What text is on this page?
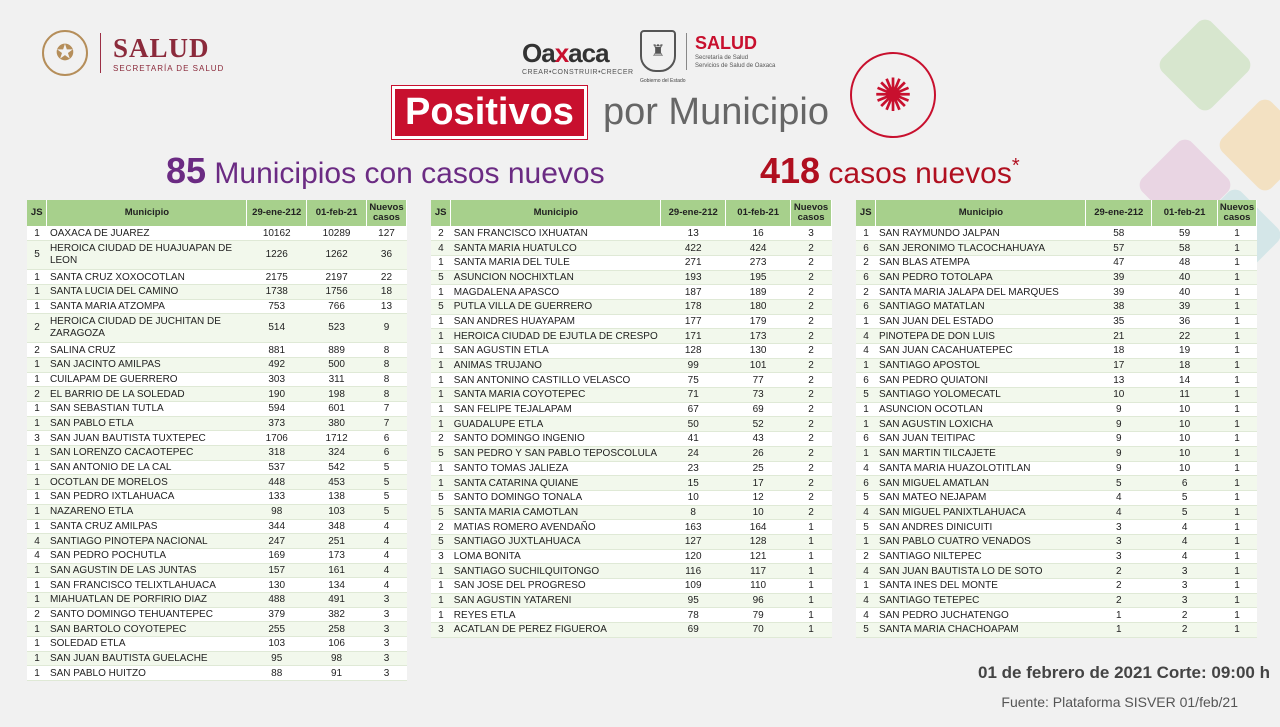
✪	SALUD
SECRETARÍA DE SALUD
Oaxaca
CREAR•CONSTRUIR•CRECER
♜	SALUD
Secretaría de Salud
Servicios de Salud de Oaxaca
Gobierno del Estado
Positivos por Municipio ✺
85 Municipios con casos nuevos	418 casos nuevos*
JS	Municipio	29-ene-212	01-feb-21	Nuevos
casos
1	OAXACA DE JUAREZ	10162	10289	127
5	HEROICA CIUDAD DE HUAJUAPAN DE LEON	1226	1262	36
1	SANTA CRUZ XOXOCOTLAN	2175	2197	22
1	SANTA LUCIA DEL CAMINO	1738	1756	18
1	SANTA MARIA ATZOMPA	753	766	13
2	HEROICA CIUDAD DE JUCHITAN DE ZARAGOZA	514	523	9
2	SALINA CRUZ	881	889	8
1	SAN JACINTO AMILPAS	492	500	8
1	CUILAPAM DE GUERRERO	303	311	8
2	EL BARRIO DE LA SOLEDAD	190	198	8
1	SAN SEBASTIAN TUTLA	594	601	7
1	SAN PABLO ETLA	373	380	7
3	SAN JUAN BAUTISTA TUXTEPEC	1706	1712	6
1	SAN LORENZO CACAOTEPEC	318	324	6
1	SAN ANTONIO DE LA CAL	537	542	5
1	OCOTLAN DE MORELOS	448	453	5
1	SAN PEDRO IXTLAHUACA	133	138	5
1	NAZARENO ETLA	98	103	5
1	SANTA CRUZ AMILPAS	344	348	4
4	SANTIAGO PINOTEPA NACIONAL	247	251	4
4	SAN PEDRO POCHUTLA	169	173	4
1	SAN AGUSTIN DE LAS JUNTAS	157	161	4
1	SAN FRANCISCO TELIXTLAHUACA	130	134	4
1	MIAHUATLAN DE PORFIRIO DIAZ	488	491	3
2	SANTO DOMINGO TEHUANTEPEC	379	382	3
1	SAN BARTOLO COYOTEPEC	255	258	3
1	SOLEDAD ETLA	103	106	3
1	SAN JUAN BAUTISTA GUELACHE	95	98	3
1	SAN PABLO HUITZO	88	91	3
JS	Municipio	29-ene-212	01-feb-21	Nuevos
casos
2	SAN FRANCISCO IXHUATAN	13	16	3
4	SANTA MARIA HUATULCO	422	424	2
1	SANTA MARIA DEL TULE	271	273	2
5	ASUNCION NOCHIXTLAN	193	195	2
1	MAGDALENA APASCO	187	189	2
5	PUTLA VILLA DE GUERRERO	178	180	2
1	SAN ANDRES HUAYAPAM	177	179	2
1	HEROICA CIUDAD DE EJUTLA DE CRESPO	171	173	2
1	SAN AGUSTIN ETLA	128	130	2
1	ANIMAS TRUJANO	99	101	2
1	SAN ANTONINO CASTILLO VELASCO	75	77	2
1	SANTA MARIA COYOTEPEC	71	73	2
1	SAN FELIPE TEJALAPAM	67	69	2
1	GUADALUPE ETLA	50	52	2
2	SANTO DOMINGO INGENIO	41	43	2
5	SAN PEDRO Y SAN PABLO TEPOSCOLULA	24	26	2
1	SANTO TOMAS JALIEZA	23	25	2
1	SANTA CATARINA QUIANE	15	17	2
5	SANTO DOMINGO TONALA	10	12	2
5	SANTA MARIA CAMOTLAN	8	10	2
2	MATIAS ROMERO AVENDAÑO	163	164	1
5	SANTIAGO JUXTLAHUACA	127	128	1
3	LOMA BONITA	120	121	1
1	SANTIAGO SUCHILQUITONGO	116	117	1
1	SAN JOSE DEL PROGRESO	109	110	1
1	SAN AGUSTIN YATARENI	95	96	1
1	REYES ETLA	78	79	1
3	ACATLAN DE PEREZ FIGUEROA	69	70	1
JS	Municipio	29-ene-212	01-feb-21	Nuevos
casos
1	SAN RAYMUNDO JALPAN	58	59	1
6	SAN JERONIMO TLACOCHAHUAYA	57	58	1
2	SAN BLAS ATEMPA	47	48	1
6	SAN PEDRO TOTOLAPA	39	40	1
2	SANTA MARIA JALAPA DEL MARQUES	39	40	1
6	SANTIAGO MATATLAN	38	39	1
1	SAN JUAN DEL ESTADO	35	36	1
4	PINOTEPA DE DON LUIS	21	22	1
4	SAN JUAN CACAHUATEPEC	18	19	1
1	SANTIAGO APOSTOL	17	18	1
6	SAN PEDRO QUIATONI	13	14	1
5	SANTIAGO YOLOMECATL	10	11	1
1	ASUNCION OCOTLAN	9	10	1
1	SAN AGUSTIN LOXICHA	9	10	1
6	SAN JUAN TEITIPAC	9	10	1
1	SAN MARTIN TILCAJETE	9	10	1
4	SANTA MARIA HUAZOLOTITLAN	9	10	1
6	SAN MIGUEL AMATLAN	5	6	1
5	SAN MATEO NEJAPAM	4	5	1
4	SAN MIGUEL PANIXTLAHUACA	4	5	1
5	SAN ANDRES DINICUITI	3	4	1
1	SAN PABLO CUATRO VENADOS	3	4	1
2	SANTIAGO NILTEPEC	3	4	1
4	SAN JUAN BAUTISTA LO DE SOTO	2	3	1
1	SANTA INES DEL MONTE	2	3	1
4	SANTIAGO TETEPEC	2	3	1
4	SAN PEDRO JUCHATENGO	1	2	1
5	SANTA MARIA CHACHOAPAM	1	2	1
01 de febrero de 2021 Corte: 09:00 h
Fuente: Plataforma SISVER 01/feb/21
